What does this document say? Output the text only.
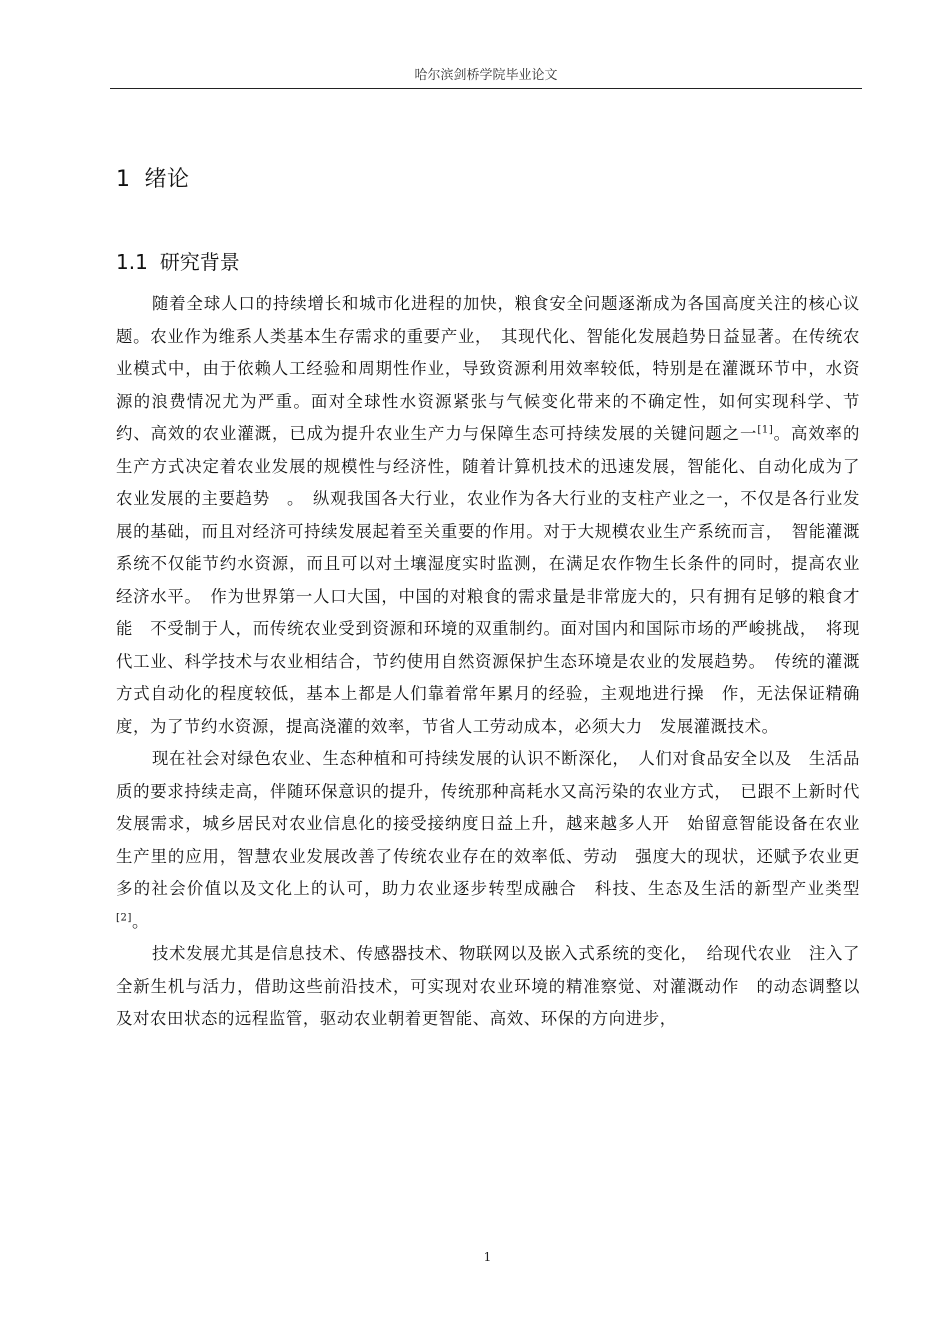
哈尔滨剑桥学院毕业论文
1 绪论
1.1 研究背景

随着全球人口的持续增长和城市化进程的加快，粮食安全问题逐渐成为各国高度关注的核心议题。农业作为维系人类基本生存需求的重要产业，　其现代化、智能化发展趋势日益显著。在传统农业模式中，由于依赖人工经验和周期性作业，导致资源利用效率较低，特别是在灌溉环节中，水资源的浪费情况尤为严重。面对全球性水资源紧张与气候变化带来的不确定性，如何实现科学、节约、高效的农业灌溉，已成为提升农业生产力与保障生态可持续发展的关键问题之一[1]。高效率的生产方式决定着农业发展的规模性与经济性，随着计算机技术的迅速发展，智能化、自动化成为了农业发展的主要趋势　。　纵观我国各大行业，农业作为各大行业的支柱产业之一，不仅是各行业发展的基础，而且对经济可持续发展起着至关重要的作用。对于大规模农业生产系统而言，　智能灌溉系统不仅能节约水资源，而且可以对土壤湿度实时监测，在满足农作物生长条件的同时，提高农业经济水平。　作为世界第一人口大国，中国的对粮食的需求量是非常庞大的，只有拥有足够的粮食才能　不受制于人，而传统农业受到资源和环境的双重制约。面对国内和国际市场的严峻挑战，　将现代工业、科学技术与农业相结合，节约使用自然资源保护生态环境是农业的发展趋势。　传统的灌溉方式自动化的程度较低，基本上都是人们靠着常年累月的经验，主观地进行操　作，无法保证精确度，为了节约水资源，提高浇灌的效率，节省人工劳动成本，必须大力　发展灌溉技术。

现在社会对绿色农业、生态种植和可持续发展的认识不断深化，　人们对食品安全以及　生活品质的要求持续走高，伴随环保意识的提升，传统那种高耗水又高污染的农业方式，　已跟不上新时代发展需求，城乡居民对农业信息化的接受接纳度日益上升，越来越多人开　始留意智能设备在农业生产里的应用，智慧农业发展改善了传统农业存在的效率低、劳动　强度大的现状，还赋予农业更多的社会价值以及文化上的认可，助力农业逐步转型成融合　科技、生态及生活的新型产业类型[2]。

技术发展尤其是信息技术、传感器技术、物联网以及嵌入式系统的变化，　给现代农业　注入了全新生机与活力，借助这些前沿技术，可实现对农业环境的精准察觉、对灌溉动作　的动态调整以及对农田状态的远程监管，驱动农业朝着更智能、高效、环保的方向进步，

1
